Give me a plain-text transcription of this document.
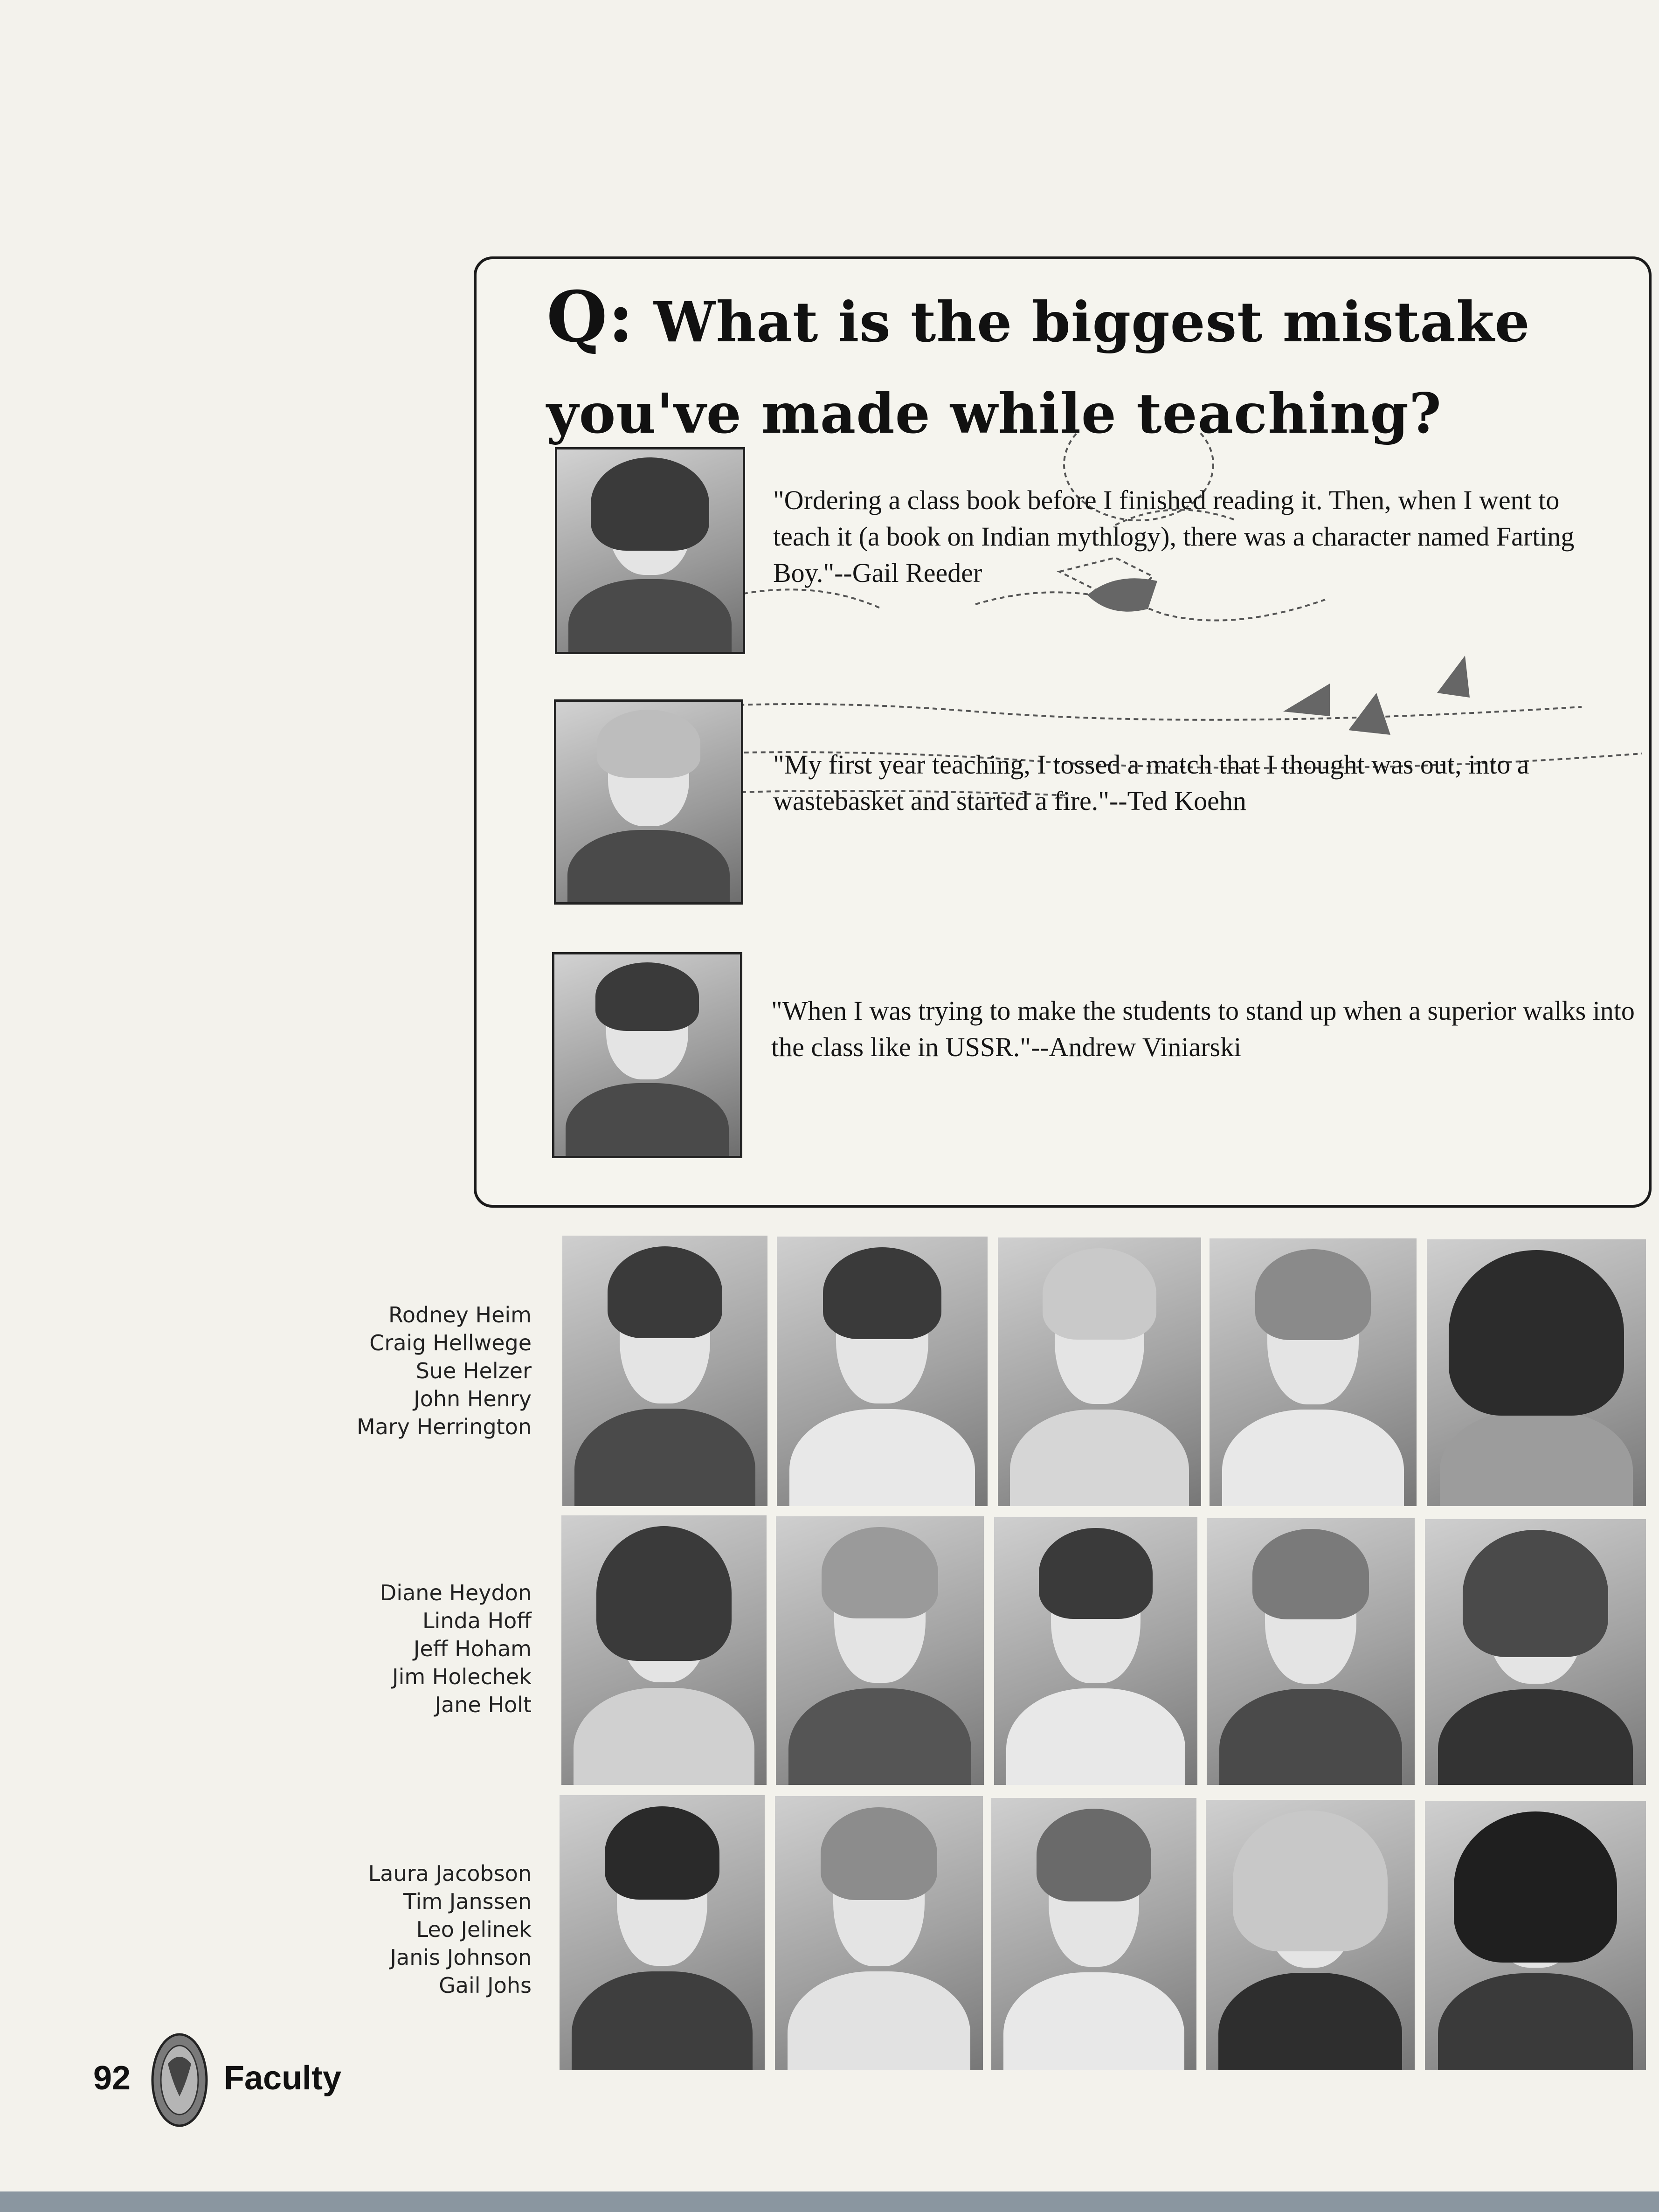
Q: What is the biggest mistake you've made while teaching?

"Ordering a class book before I finished reading it. Then, when I went to teach it (a book on Indian mythlogy), there was a character named Farting Boy."--Gail Reeder

"My first year teaching, I tossed a match that I thought was out, into a wastebasket and started a fire."--Ted Koehn

"When I was trying to make the students to stand up when a superior walks into the class like in USSR."--Andrew Viniarski

Rodney Heim
Craig Hellwege
Sue Helzer
John Henry
Mary Herrington
Diane Heydon
Linda Hoff
Jeff Hoham
Jim Holechek
Jane Holt
Laura Jacobson
Tim Janssen
Leo Jelinek
Janis Johnson
Gail Johs
92	Faculty
